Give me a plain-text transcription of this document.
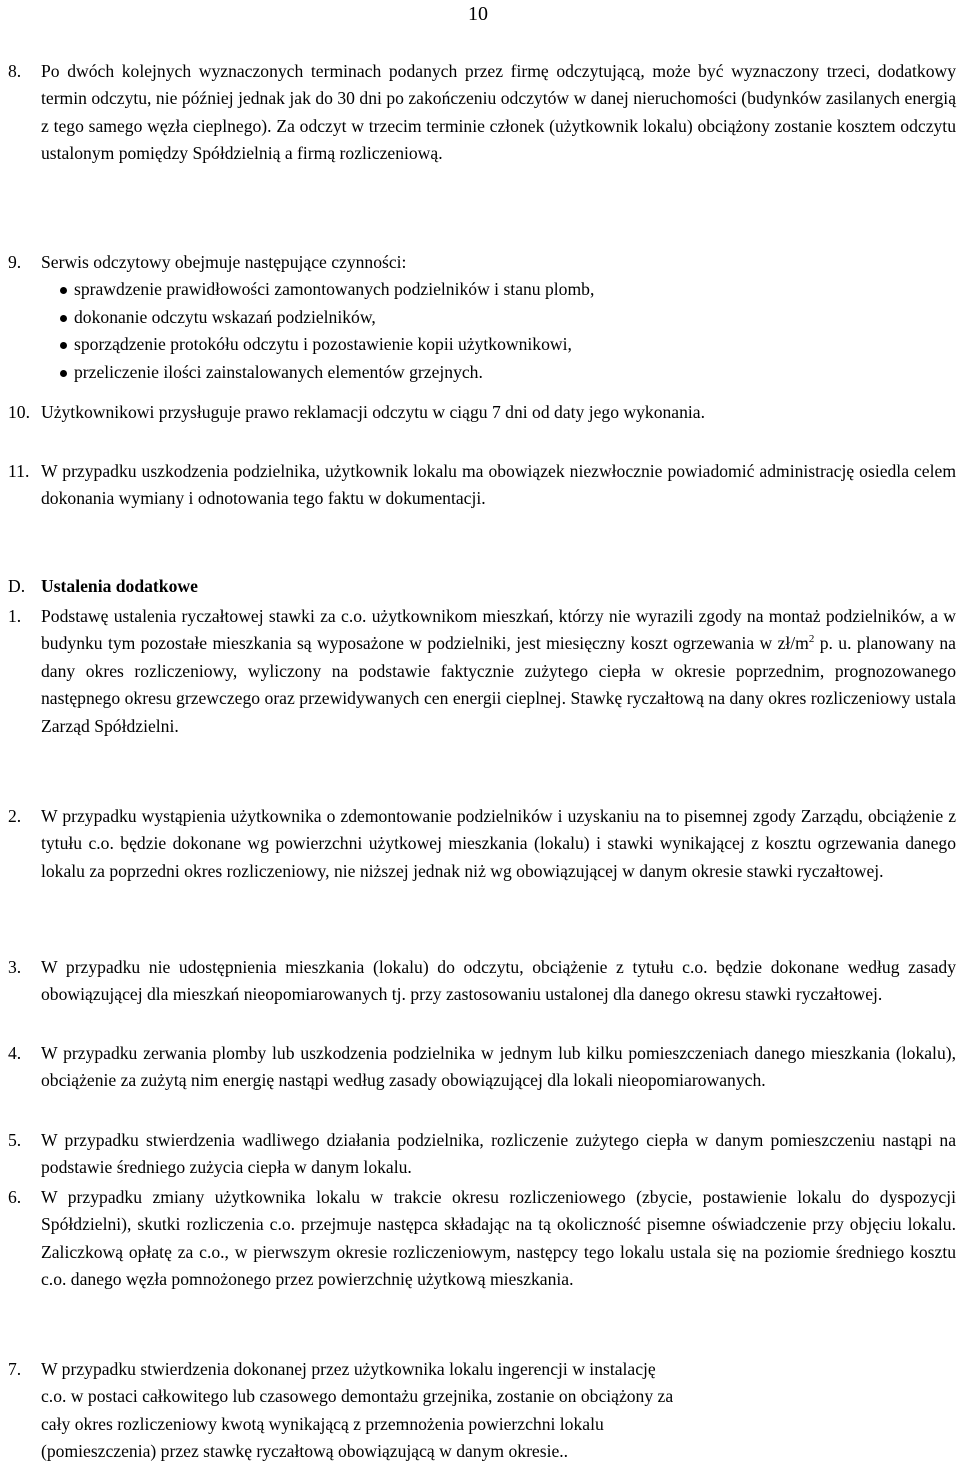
10
8.	Po dwóch kolejnych wyznaczonych terminach podanych przez firmę odczytującą, może być wyznaczony trzeci, dodatkowy termin odczytu, nie później jednak jak do 30 dni po zakończeniu odczytów w danej nieruchomości (budynków zasilanych energią z tego samego węzła cieplnego). Za odczyt w trzecim terminie członek (użytkownik lokalu) obciążony zostanie kosztem odczytu ustalonym pomiędzy Spółdzielnią a firmą rozliczeniową.
9.	Serwis odczytowy obejmuje następujące czynności:
sprawdzenie prawidłowości zamontowanych podzielników i stanu plomb,
dokonanie odczytu wskazań podzielników,
sporządzenie protokółu odczytu i pozostawienie kopii użytkownikowi,
przeliczenie ilości zainstalowanych elementów grzejnych.
10. Użytkownikowi przysługuje prawo reklamacji odczytu w ciągu 7 dni od daty jego wykonania.
11. W przypadku uszkodzenia podzielnika, użytkownik lokalu ma obowiązek niezwłocznie powiadomić administrację osiedla celem dokonania wymiany i odnotowania tego faktu w dokumentacji.
D. Ustalenia dodatkowe
1.	Podstawę ustalenia ryczałtowej stawki za c.o. użytkownikom mieszkań, którzy nie wyrazili zgody na montaż podzielników, a w budynku tym pozostałe mieszkania są wyposażone w podzielniki, jest miesięczny koszt ogrzewania w $zł/m^2$ p. u. planowany na dany okres rozliczeniowy, wyliczony na podstawie faktycznie zużytego ciepła w okresie poprzednim, prognozowanego następnego okresu grzewczego oraz przewidywanych cen energii cieplnej. Stawkę ryczałtową na dany okres rozliczeniowy ustala Zarząd Spółdzielni.
2.	W przypadku wystąpienia użytkownika o zdemontowanie podzielników i uzyskaniu na to pisemnej zgody Zarządu, obciążenie z tytułu c.o. będzie dokonane wg powierzchni użytkowej mieszkania (lokalu) i stawki wynikającej z kosztu ogrzewania danego lokalu za poprzedni okres rozliczeniowy, nie niższej jednak niż wg obowiązującej w danym okresie stawki ryczałtowej.
3.	W przypadku nie udostępnienia mieszkania (lokalu) do odczytu, obciążenie z tytułu c.o. będzie dokonane według zasady obowiązującej dla mieszkań nieopomiarowanych tj. przy zastosowaniu ustalonej dla danego okresu stawki ryczałtowej.
4.	W przypadku zerwania plomby lub uszkodzenia podzielnika w jednym lub kilku pomieszczeniach danego mieszkania (lokalu), obciążenie za zużytą nim energię nastąpi według zasady obowiązującej dla lokali nieopomiarowanych.
5.	W przypadku stwierdzenia wadliwego działania podzielnika, rozliczenie zużytego ciepła w danym pomieszczeniu nastąpi na podstawie średniego zużycia ciepła w danym lokalu.
6.	W przypadku zmiany użytkownika lokalu w trakcie okresu rozliczeniowego (zbycie, postawienie lokalu do dyspozycji Spółdzielni), skutki rozliczenia c.o. przejmuje następca składając na tą okoliczność pisemne oświadczenie przy objęciu lokalu. Zaliczkową opłatę za c.o., w pierwszym okresie rozliczeniowym, następcy tego lokalu ustala się na poziomie średniego kosztu c.o. danego węzła pomnożonego przez powierzchnię użytkową mieszkania.
7.	W przypadku stwierdzenia dokonanej przez użytkownika lokalu ingerencji w instalację
c.o. w postaci całkowitego lub czasowego demontażu grzejnika, zostanie on obciążony za
cały okres rozliczeniowy kwotą wynikającą z przemnożenia powierzchni lokalu
(pomieszczenia) przez stawkę ryczałtową obowiązującą w danym okresie..
